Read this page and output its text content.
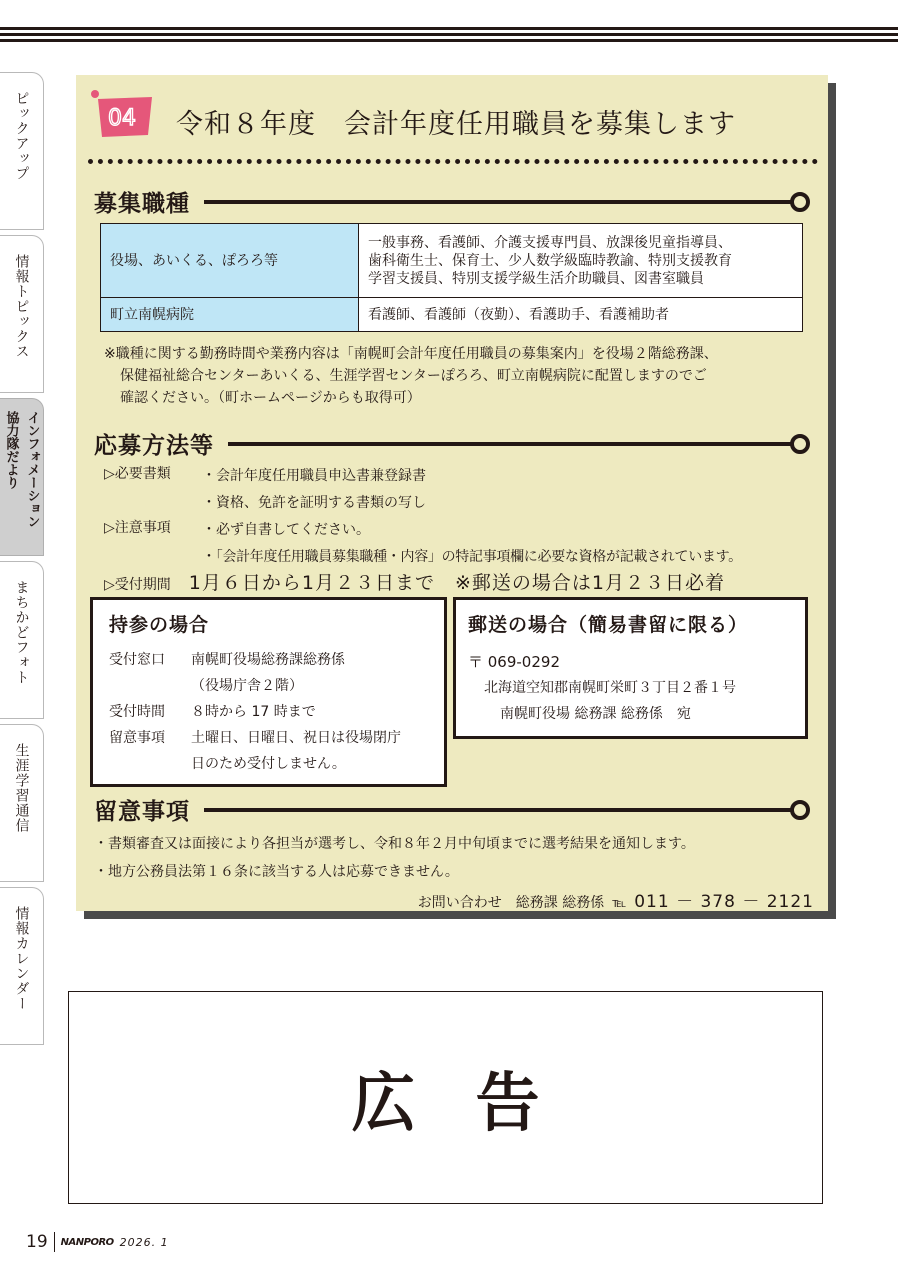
ピックアップ
情報トピックス
インフォメーション
協力隊だより
まちかどフォト
生涯学習通信
情報カレンダー
04 令和８年度　会計年度任用職員を募集します
募集職種
役場、あいくる、ぽろろ等	一般事務、看護師、介護支援専門員、放課後児童指導員、
歯科衛生士、保育士、少人数学級臨時教諭、特別支援教育
学習支援員、特別支援学級生活介助職員、図書室職員

町立南幌病院	看護師、看護師（夜勤）、看護助手、看護補助者
※職種に関する勤務時間や業務内容は「南幌町会計年度任用職員の募集案内」を役場２階総務課、
保健福祉総合センターあいくる、生涯学習センターぽろろ、町立南幌病院に配置しますのでご
確認ください。（町ホームページからも取得可）
応募方法等
▷必要書類	・会計年度任用職員申込書兼登録書
・資格、免許を証明する書類の写し
▷注意事項	・必ず自書してください。
・「会計年度任用職員募集職種・内容」の特記事項欄に必要な資格が記載されています。
▷受付期間 1月６日から1月２３日まで　※郵送の場合は1月２３日必着
持参の場合
受付窓口	南幌町役場総務課総務係
（役場庁舎２階）
受付時間	８時から 17 時まで
留意事項	土曜日、日曜日、祝日は役場閉庁
日のため受付しません。
郵送の場合（簡易書留に限る）
〒 069-0292
北海道空知郡南幌町栄町３丁目２番１号
南幌町役場 総務課 総務係　宛
留意事項
・書類審査又は面接により各担当が選考し、令和８年２月中旬頃までに選考結果を通知します。
・地方公務員法第１６条に該当する人は応募できません。
お問い合わせ　総務課 総務係 ℡ 011 － 378 － 2121
広告
19 NANPORO 2026. 1
